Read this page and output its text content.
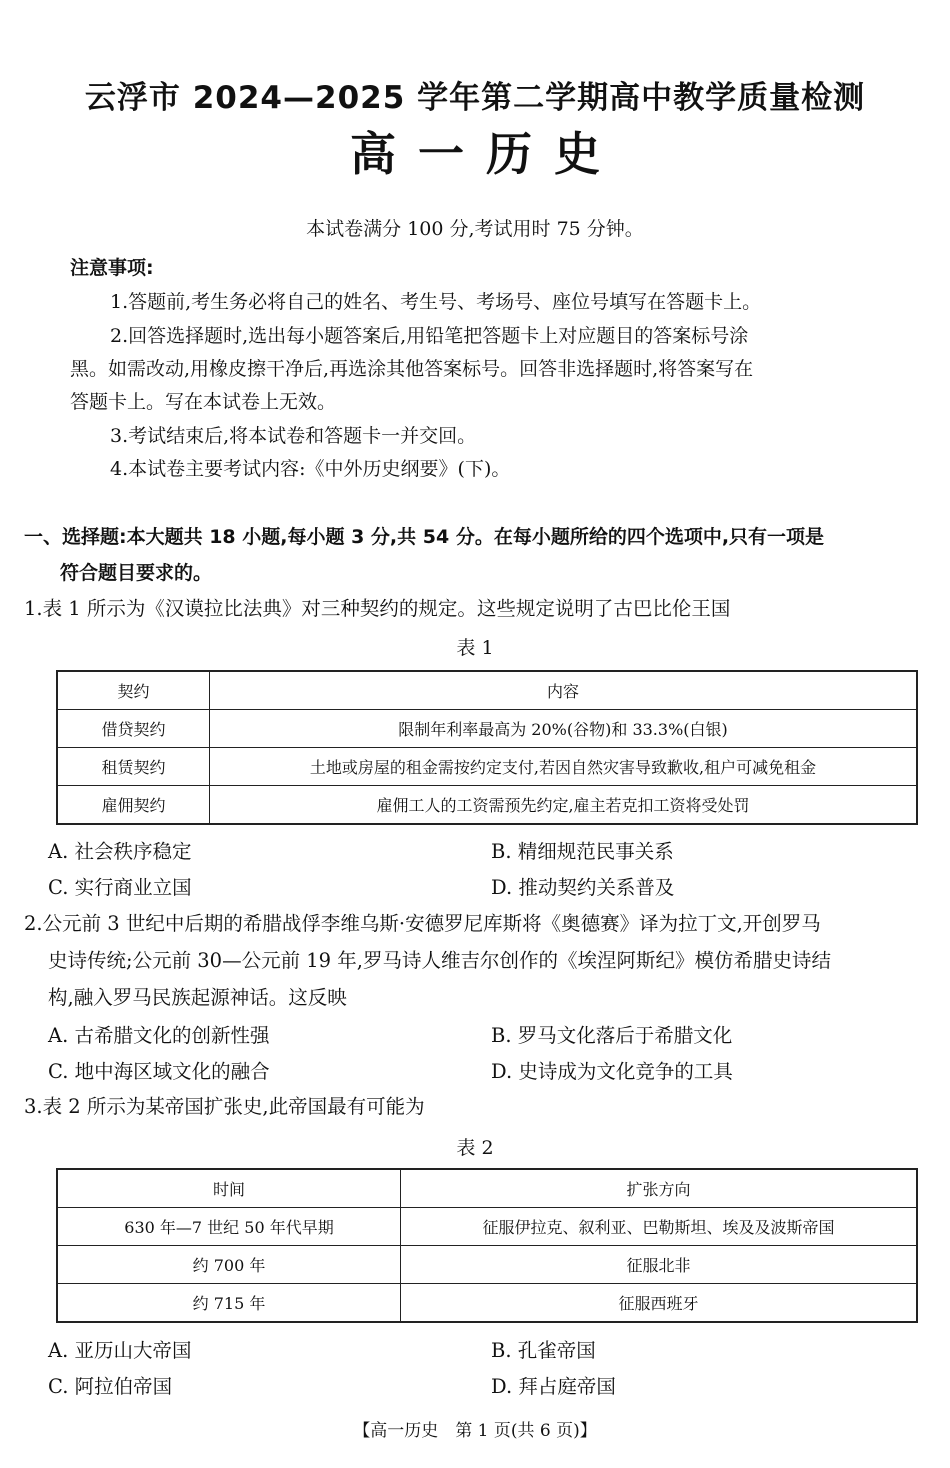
云浮市 2024—2025 学年第二学期高中教学质量检测
高一历史
本试卷满分 100 分,考试用时 75 分钟。
注意事项:
1.答题前,考生务必将自己的姓名、考生号、考场号、座位号填写在答题卡上。
2.回答选择题时,选出每小题答案后,用铅笔把答题卡上对应题目的答案标号涂
黑。如需改动,用橡皮擦干净后,再选涂其他答案标号。回答非选择题时,将答案写在
答题卡上。写在本试卷上无效。
3.考试结束后,将本试卷和答题卡一并交回。
4.本试卷主要考试内容:《中外历史纲要》(下)。
一、选择题:本大题共 18 小题,每小题 3 分,共 54 分。在每小题所给的四个选项中,只有一项是
符合题目要求的。
1.表 1 所示为《汉谟拉比法典》对三种契约的规定。这些规定说明了古巴比伦王国
表 1
契约	内容
借贷契约	限制年利率最高为 20%(谷物)和 33.3%(白银)
租赁契约	土地或房屋的租金需按约定支付,若因自然灾害导致歉收,租户可减免租金
雇佣契约	雇佣工人的工资需预先约定,雇主若克扣工资将受处罚
A. 社会秩序稳定	B. 精细规范民事关系
C. 实行商业立国	D. 推动契约关系普及
2.公元前 3 世纪中后期的希腊战俘李维乌斯·安德罗尼库斯将《奥德赛》译为拉丁文,开创罗马
史诗传统;公元前 30—公元前 19 年,罗马诗人维吉尔创作的《埃涅阿斯纪》模仿希腊史诗结
构,融入罗马民族起源神话。这反映
A. 古希腊文化的创新性强	B. 罗马文化落后于希腊文化
C. 地中海区域文化的融合	D. 史诗成为文化竞争的工具
3.表 2 所示为某帝国扩张史,此帝国最有可能为
表 2
时间	扩张方向
630 年—7 世纪 50 年代早期	征服伊拉克、叙利亚、巴勒斯坦、埃及及波斯帝国
约 700 年	征服北非
约 715 年	征服西班牙
A. 亚历山大帝国	B. 孔雀帝国
C. 阿拉伯帝国	D. 拜占庭帝国
【高一历史　第 1 页(共 6 页)】
